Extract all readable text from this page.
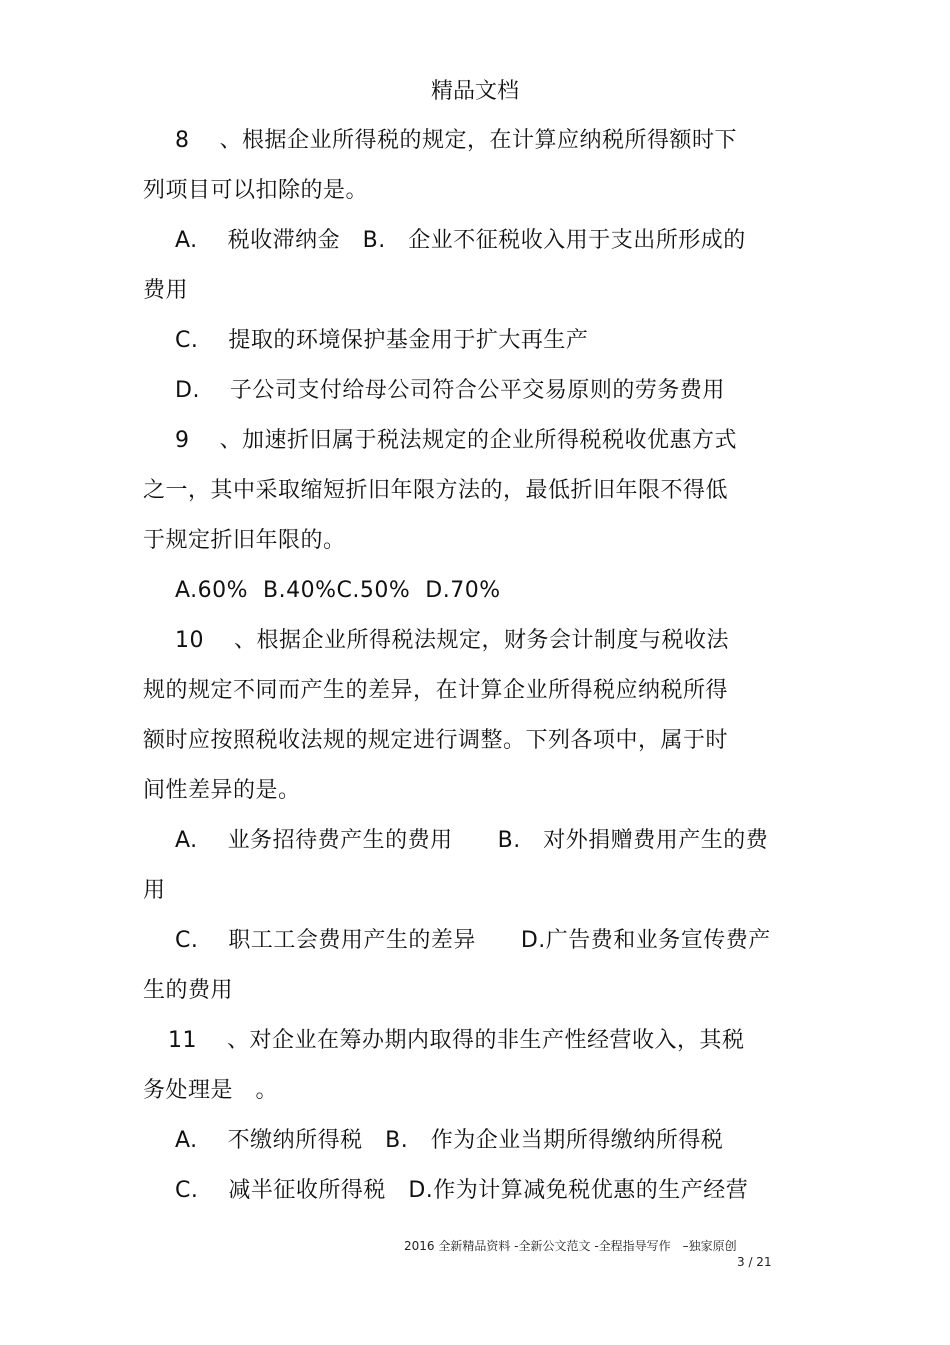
精品文档
8　 、根据企业所得税的规定，在计算应纳税所得额时下
列项目可以扣除的是。
A.　 税收滞纳金　B.　企业不征税收入用于支出所形成的
费用
C.　 提取的环境保护基金用于扩大再生产
D.　 子公司支付给母公司符合公平交易原则的劳务费用
9　 、加速折旧属于税法规定的企业所得税税收优惠方式
之一，其中采取缩短折旧年限方法的，最低折旧年限不得低
于规定折旧年限的。
A.60%  B.40%C.50%  D.70%
10　 、根据企业所得税法规定，财务会计制度与税收法
规的规定不同而产生的差异，在计算企业所得税应纳税所得
额时应按照税收法规的规定进行调整。下列各项中，属于时
间性差异的是。
A.　 业务招待费产生的费用　　B.　对外捐赠费用产生的费
用
C.　 职工工会费用产生的差异　　D.广告费和业务宣传费产
生的费用
11　 、对企业在筹办期内取得的非生产性经营收入，其税
务处理是　。
A.　 不缴纳所得税　B.　作为企业当期所得缴纳所得税
C.　 减半征收所得税　D.作为计算减免税优惠的生产经营
2016 全新精品资料 -全新公文范文 -全程指导写作　–独家原创
3 / 21
